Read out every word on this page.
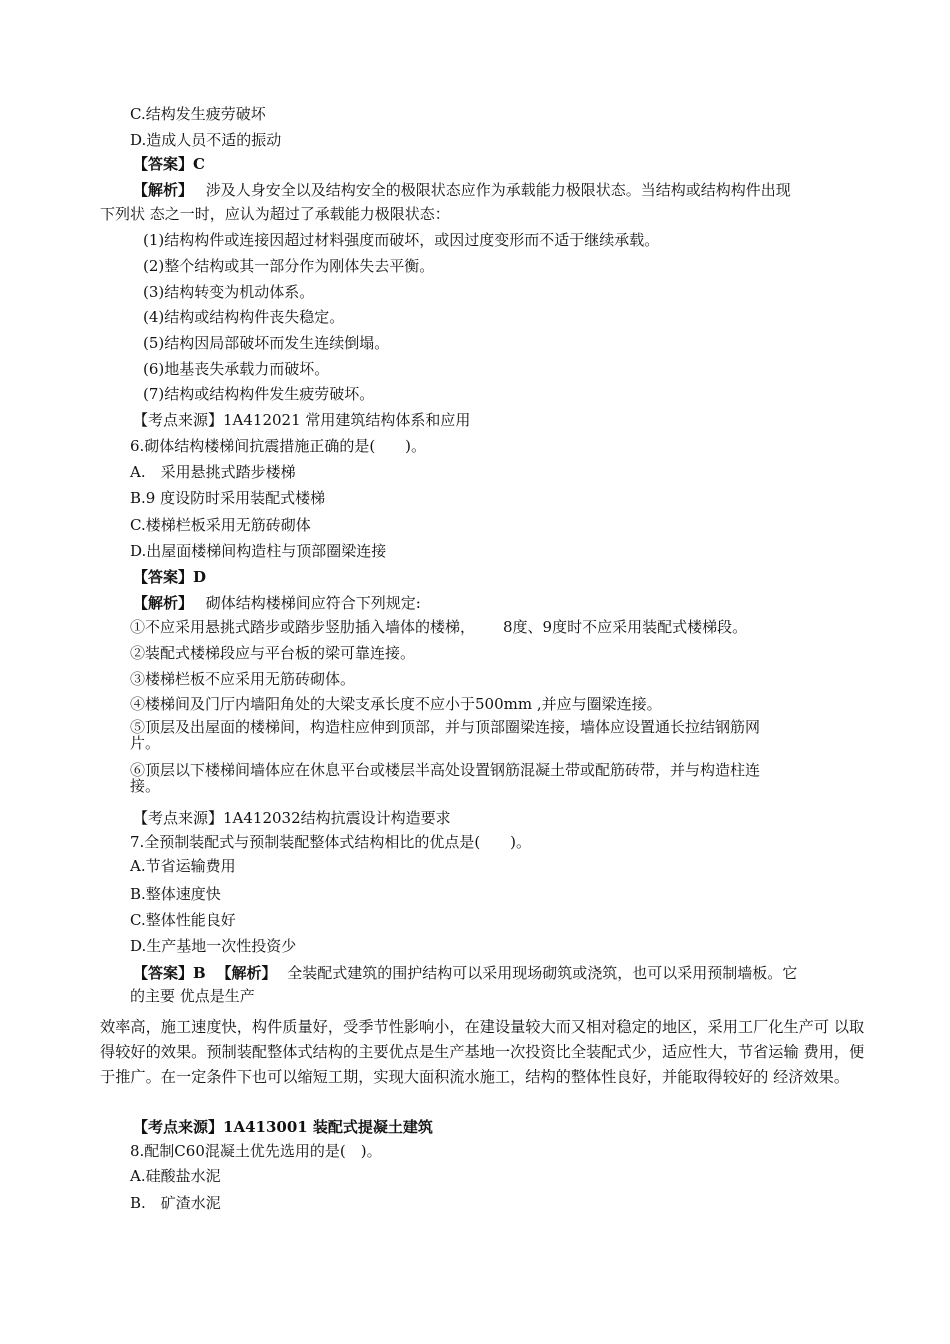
C.结构发生疲劳破坏
D.造成人员不适的振动
【答案】C
【解析】 涉及人身安全以及结构安全的极限状态应作为承载能力极限状态。当结构或结构构件出现
下列状 态之一时，应认为超过了承载能力极限状态：
(1)结构构件或连接因超过材料强度而破坏，或因过度变形而不适于继续承载。
(2)整个结构或其一部分作为刚体失去平衡。
(3)结构转变为机动体系。
(4)结构或结构构件丧失稳定。
(5)结构因局部破坏而发生连续倒塌。
(6)地基丧失承载力而破坏。
(7)结构或结构构件发生疲劳破坏。
【考点来源】1A412021 常用建筑结构体系和应用
6.砌体结构楼梯间抗震措施正确的是(　　)。
A.　采用悬挑式踏步楼梯
B.9 度设防时采用装配式楼梯
C.楼梯栏板采用无筋砖砌体
D.出屋面楼梯间构造柱与顶部圈梁连接
【答案】D
【解析】 砌体结构楼梯间应符合下列规定:
①不应采用悬挑式踏步或踏步竖肋插入墙体的楼梯， 8度、9度时不应采用装配式楼梯段。
②装配式楼梯段应与平台板的梁可靠连接。
③楼梯栏板不应采用无筋砖砌体。
④楼梯间及门厅内墙阳角处的大梁支承长度不应小于500mm ,并应与圈梁连接。
⑤顶层及出屋面的楼梯间，构造柱应伸到顶部，并与顶部圈梁连接，墙体应设置通长拉结钢筋网
片。
⑥顶层以下楼梯间墙体应在休息平台或楼层半高处设置钢筋混凝土带或配筋砖带，并与构造柱连
接。
【考点来源】1A412032结构抗震设计构造要求
7.全预制装配式与预制装配整体式结构相比的优点是(　　)。
A.节省运输费用
B.整体速度快
C.整体性能良好
D.生产基地一次性投资少
【答案】B 【解析】 全装配式建筑的围护结构可以采用现场砌筑或浇筑，也可以采用预制墙板。它
的主要 优点是生产
效率高，施工速度快，构件质量好，受季节性影响小，在建设量较大而又相对稳定的地区，采用工厂化生产可 以取得较好的效果。预制装配整体式结构的主要优点是生产基地一次投资比全装配式少，适应性大，节省运输 费用，便于推广。在一定条件下也可以缩短工期，实现大面积流水施工，结构的整体性良好，并能取得较好的 经济效果。
【考点来源】1A413001 装配式提凝土建筑
8.配制C60混凝土优先选用的是(　)。
A.硅酸盐水泥
B.　矿渣水泥
